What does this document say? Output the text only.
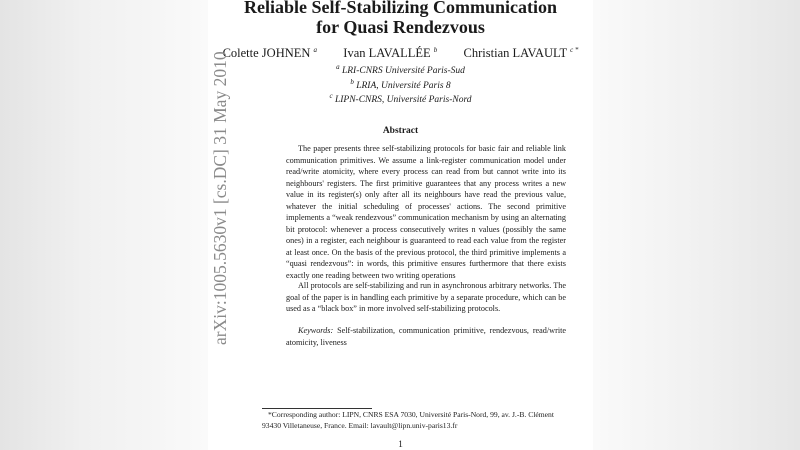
Reliable Self-Stabilizing Communication
for Quasi Rendezvous
Colette JOHNEN $^a$ Ivan LAVALLÉE $^b$ Christian LAVAULT $^{c *}$
$^a$ LRI-CNRS Université Paris-Sud
$^b$ LRIA, Université Paris 8
$^c$ LIPN-CNRS, Université Paris-Nord
Abstract
The paper presents three self-stabilizing protocols for basic fair and reliable link communication primitives. We assume a link-register communication model under read/write atomicity, where every process can read from but cannot write into its neighbours' registers. The first primitive guarantees that any process writes a new value in its register(s) only after all its neighbours have read the previous value, whatever the initial scheduling of processes' actions. The second primitive implements a “weak rendezvous” communication mechanism by using an alternating bit protocol: whenever a process consecutively writes n values (possibly the same ones) in a register, each neighbour is guaranteed to read each value from the register at least once. On the basis of the previous protocol, the third primitive implements a “quasi rendezvous”: in words, this primitive ensures furthermore that there exists exactly one reading between two writing operations
All protocols are self-stabilizing and run in asynchronous arbitrary networks. The goal of the paper is in handling each primitive by a separate procedure, which can be used as a “black box” in more involved self-stabilizing protocols.
Keywords: Self-stabilization, communication primitive, rendezvous, read/write atomicity, liveness
*Corresponding author: LIPN, CNRS ESA 7030, Université Paris-Nord, 99, av. J.-B. Clément
93430 Villetaneuse, France. Email: lavault@lipn.univ-paris13.fr
1
arXiv:1005.5630v1 [cs.DC] 31 May 2010
